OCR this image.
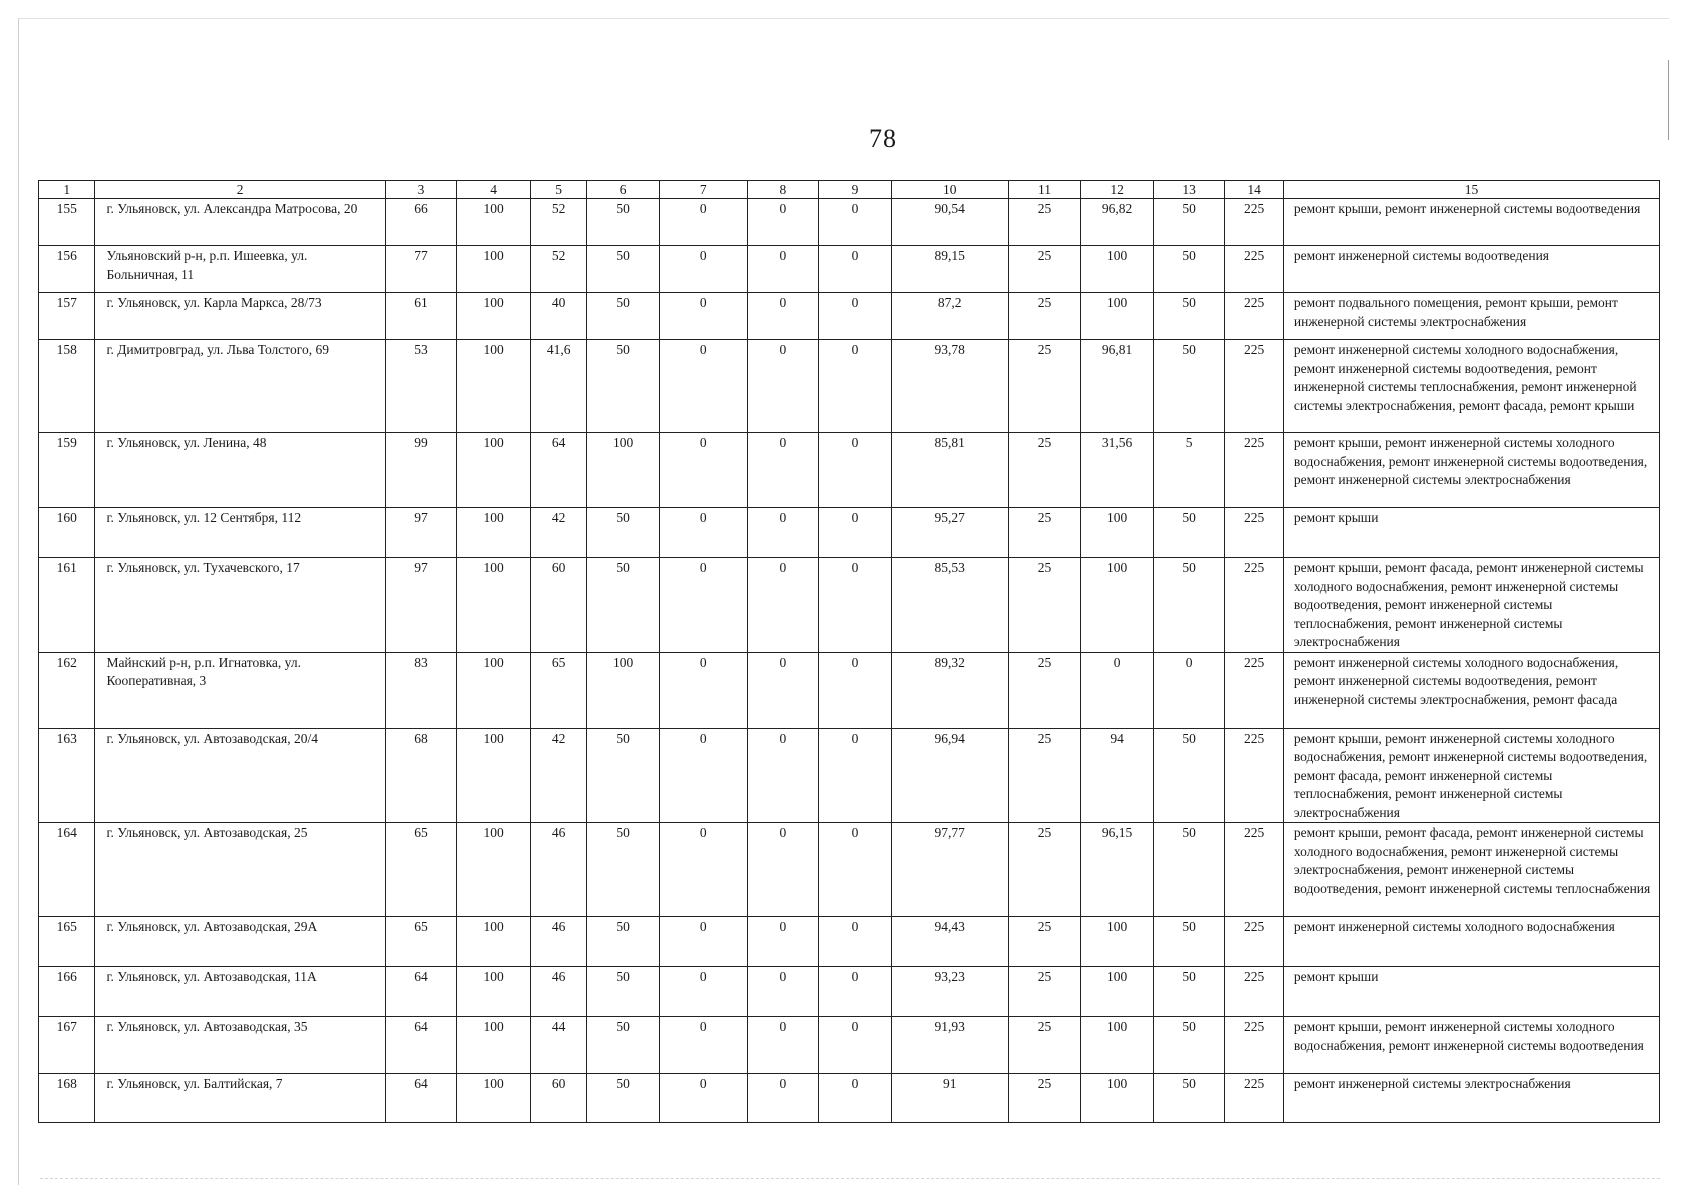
78
1	2	3	4	5	6	7	8	9	10	11	12	13	14	15
155	г. Ульяновск, ул. Александра Матросова, 20	66	100	52	50	0	0	0	90,54	25	96,82	50	225	ремонт крыши, ремонт инженерной системы водоотведения
156	Ульяновский р-н, р.п. Ишеевка, ул. Больничная, 11	77	100	52	50	0	0	0	89,15	25	100	50	225	ремонт инженерной системы водоотведения
157	г. Ульяновск, ул. Карла Маркса, 28/73	61	100	40	50	0	0	0	87,2	25	100	50	225	ремонт подвального помещения, ремонт крыши, ремонт инженерной системы электроснабжения
158	г. Димитровград, ул. Льва Толстого, 69	53	100	41,6	50	0	0	0	93,78	25	96,81	50	225	ремонт инженерной системы холодного водоснабжения, ремонт инженерной системы водоотведения, ремонт инженерной системы теплоснабжения, ремонт инженерной системы электроснабжения, ремонт фасада, ремонт крыши
159	г. Ульяновск, ул. Ленина, 48	99	100	64	100	0	0	0	85,81	25	31,56	5	225	ремонт крыши, ремонт инженерной системы холодного водоснабжения, ремонт инженерной системы водоотведения, ремонт инженерной системы электроснабжения
160	г. Ульяновск, ул. 12 Сентября, 112	97	100	42	50	0	0	0	95,27	25	100	50	225	ремонт крыши
161	г. Ульяновск, ул. Тухачевского, 17	97	100	60	50	0	0	0	85,53	25	100	50	225	ремонт крыши, ремонт фасада, ремонт инженерной системы холодного водоснабжения, ремонт инженерной системы водоотведения, ремонт инженерной системы теплоснабжения, ремонт инженерной системы электроснабжения
162	Майнский р-н, р.п. Игнатовка, ул. Кооперативная, 3	83	100	65	100	0	0	0	89,32	25	0	0	225	ремонт инженерной системы холодного водоснабжения, ремонт инженерной системы водоотведения, ремонт инженерной системы электроснабжения, ремонт фасада
163	г. Ульяновск, ул. Автозаводская, 20/4	68	100	42	50	0	0	0	96,94	25	94	50	225	ремонт крыши, ремонт инженерной системы холодного водоснабжения, ремонт инженерной системы водоотведения, ремонт фасада, ремонт инженерной системы теплоснабжения, ремонт инженерной системы электроснабжения
164	г. Ульяновск, ул. Автозаводская, 25	65	100	46	50	0	0	0	97,77	25	96,15	50	225	ремонт крыши, ремонт фасада, ремонт инженерной системы холодного водоснабжения, ремонт инженерной системы электроснабжения, ремонт инженерной системы водоотведения, ремонт инженерной системы теплоснабжения
165	г. Ульяновск, ул. Автозаводская, 29А	65	100	46	50	0	0	0	94,43	25	100	50	225	ремонт инженерной системы холодного водоснабжения
166	г. Ульяновск, ул. Автозаводская, 11А	64	100	46	50	0	0	0	93,23	25	100	50	225	ремонт крыши
167	г. Ульяновск, ул. Автозаводская, 35	64	100	44	50	0	0	0	91,93	25	100	50	225	ремонт крыши, ремонт инженерной системы холодного водоснабжения, ремонт инженерной системы водоотведения
168	г. Ульяновск, ул. Балтийская, 7	64	100	60	50	0	0	0	91	25	100	50	225	ремонт инженерной системы электроснабжения
